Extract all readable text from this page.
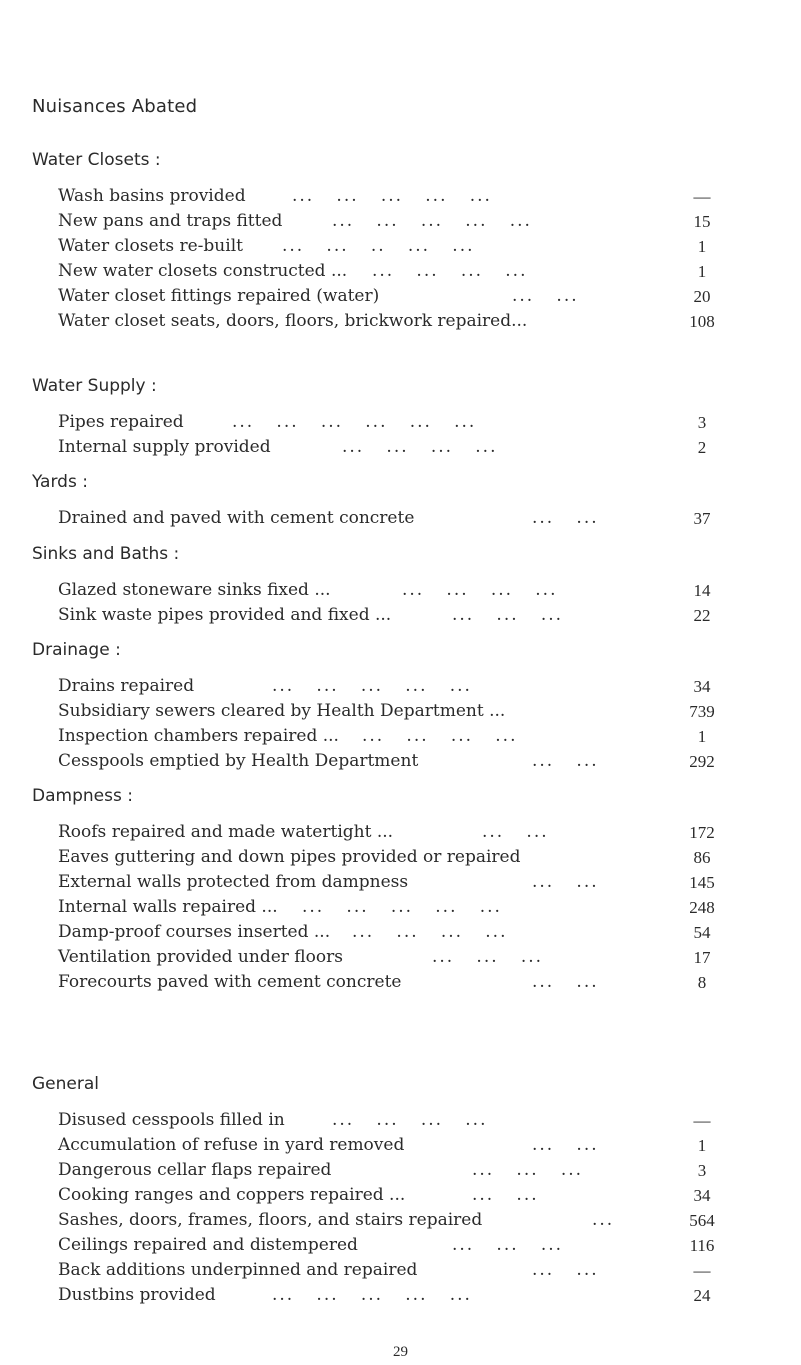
Nuisances Abated
Water Closets :
Wash basins provided	...   ...   ...   ...   ...	—
New pans and traps fitted	...   ...   ...   ...   ...	15
Water closets re-built ...   ...   ..   ...   ...	1
New water closets constructed ... ...   ...   ...   ...	1
Water closet fittings repaired (water)	...   ...	20
Water closet seats, doors, floors, brickwork repaired...	108
Water Supply :
Pipes repaired	...   ...   ...   ...   ...   ...	3
Internal supply provided	...   ...   ...   ...	2
Yards :
Drained and paved with cement concrete	...   ...	37
Sinks and Baths :
Glazed stoneware sinks fixed ...	...   ...   ...   ...	14
Sink waste pipes provided and fixed ...	...   ...   ...	22
Drainage :
Drains repaired	...   ...   ...   ...   ...	34
Subsidiary sewers cleared by Health Department ...	739
Inspection chambers repaired ... ...   ...   ...   ...	1
Cesspools emptied by Health Department	...   ...	292
Dampness :
Roofs repaired and made watertight ...	...   ...	172
Eaves guttering and down pipes provided or repaired	86
External walls protected from dampness	...   ...	145
Internal walls repaired ... ...   ...   ...   ...   ...	248
Damp-proof courses inserted ... ...   ...   ...   ...	54
Ventilation provided under floors	...   ...   ...	17
Forecourts paved with cement concrete	...   ...	8
General
Disused cesspools filled in	...   ...   ...   ...	—
Accumulation of refuse in yard removed	...   ...	1
Dangerous cellar flaps repaired	...   ...   ...	3
Cooking ranges and coppers repaired ...	...   ...	34
Sashes, doors, frames, floors, and stairs repaired	...	564
Ceilings repaired and distempered	...   ...   ...	116
Back additions underpinned and repaired	...   ...	—
Dustbins provided	...   ...   ...   ...   ...	24
29
